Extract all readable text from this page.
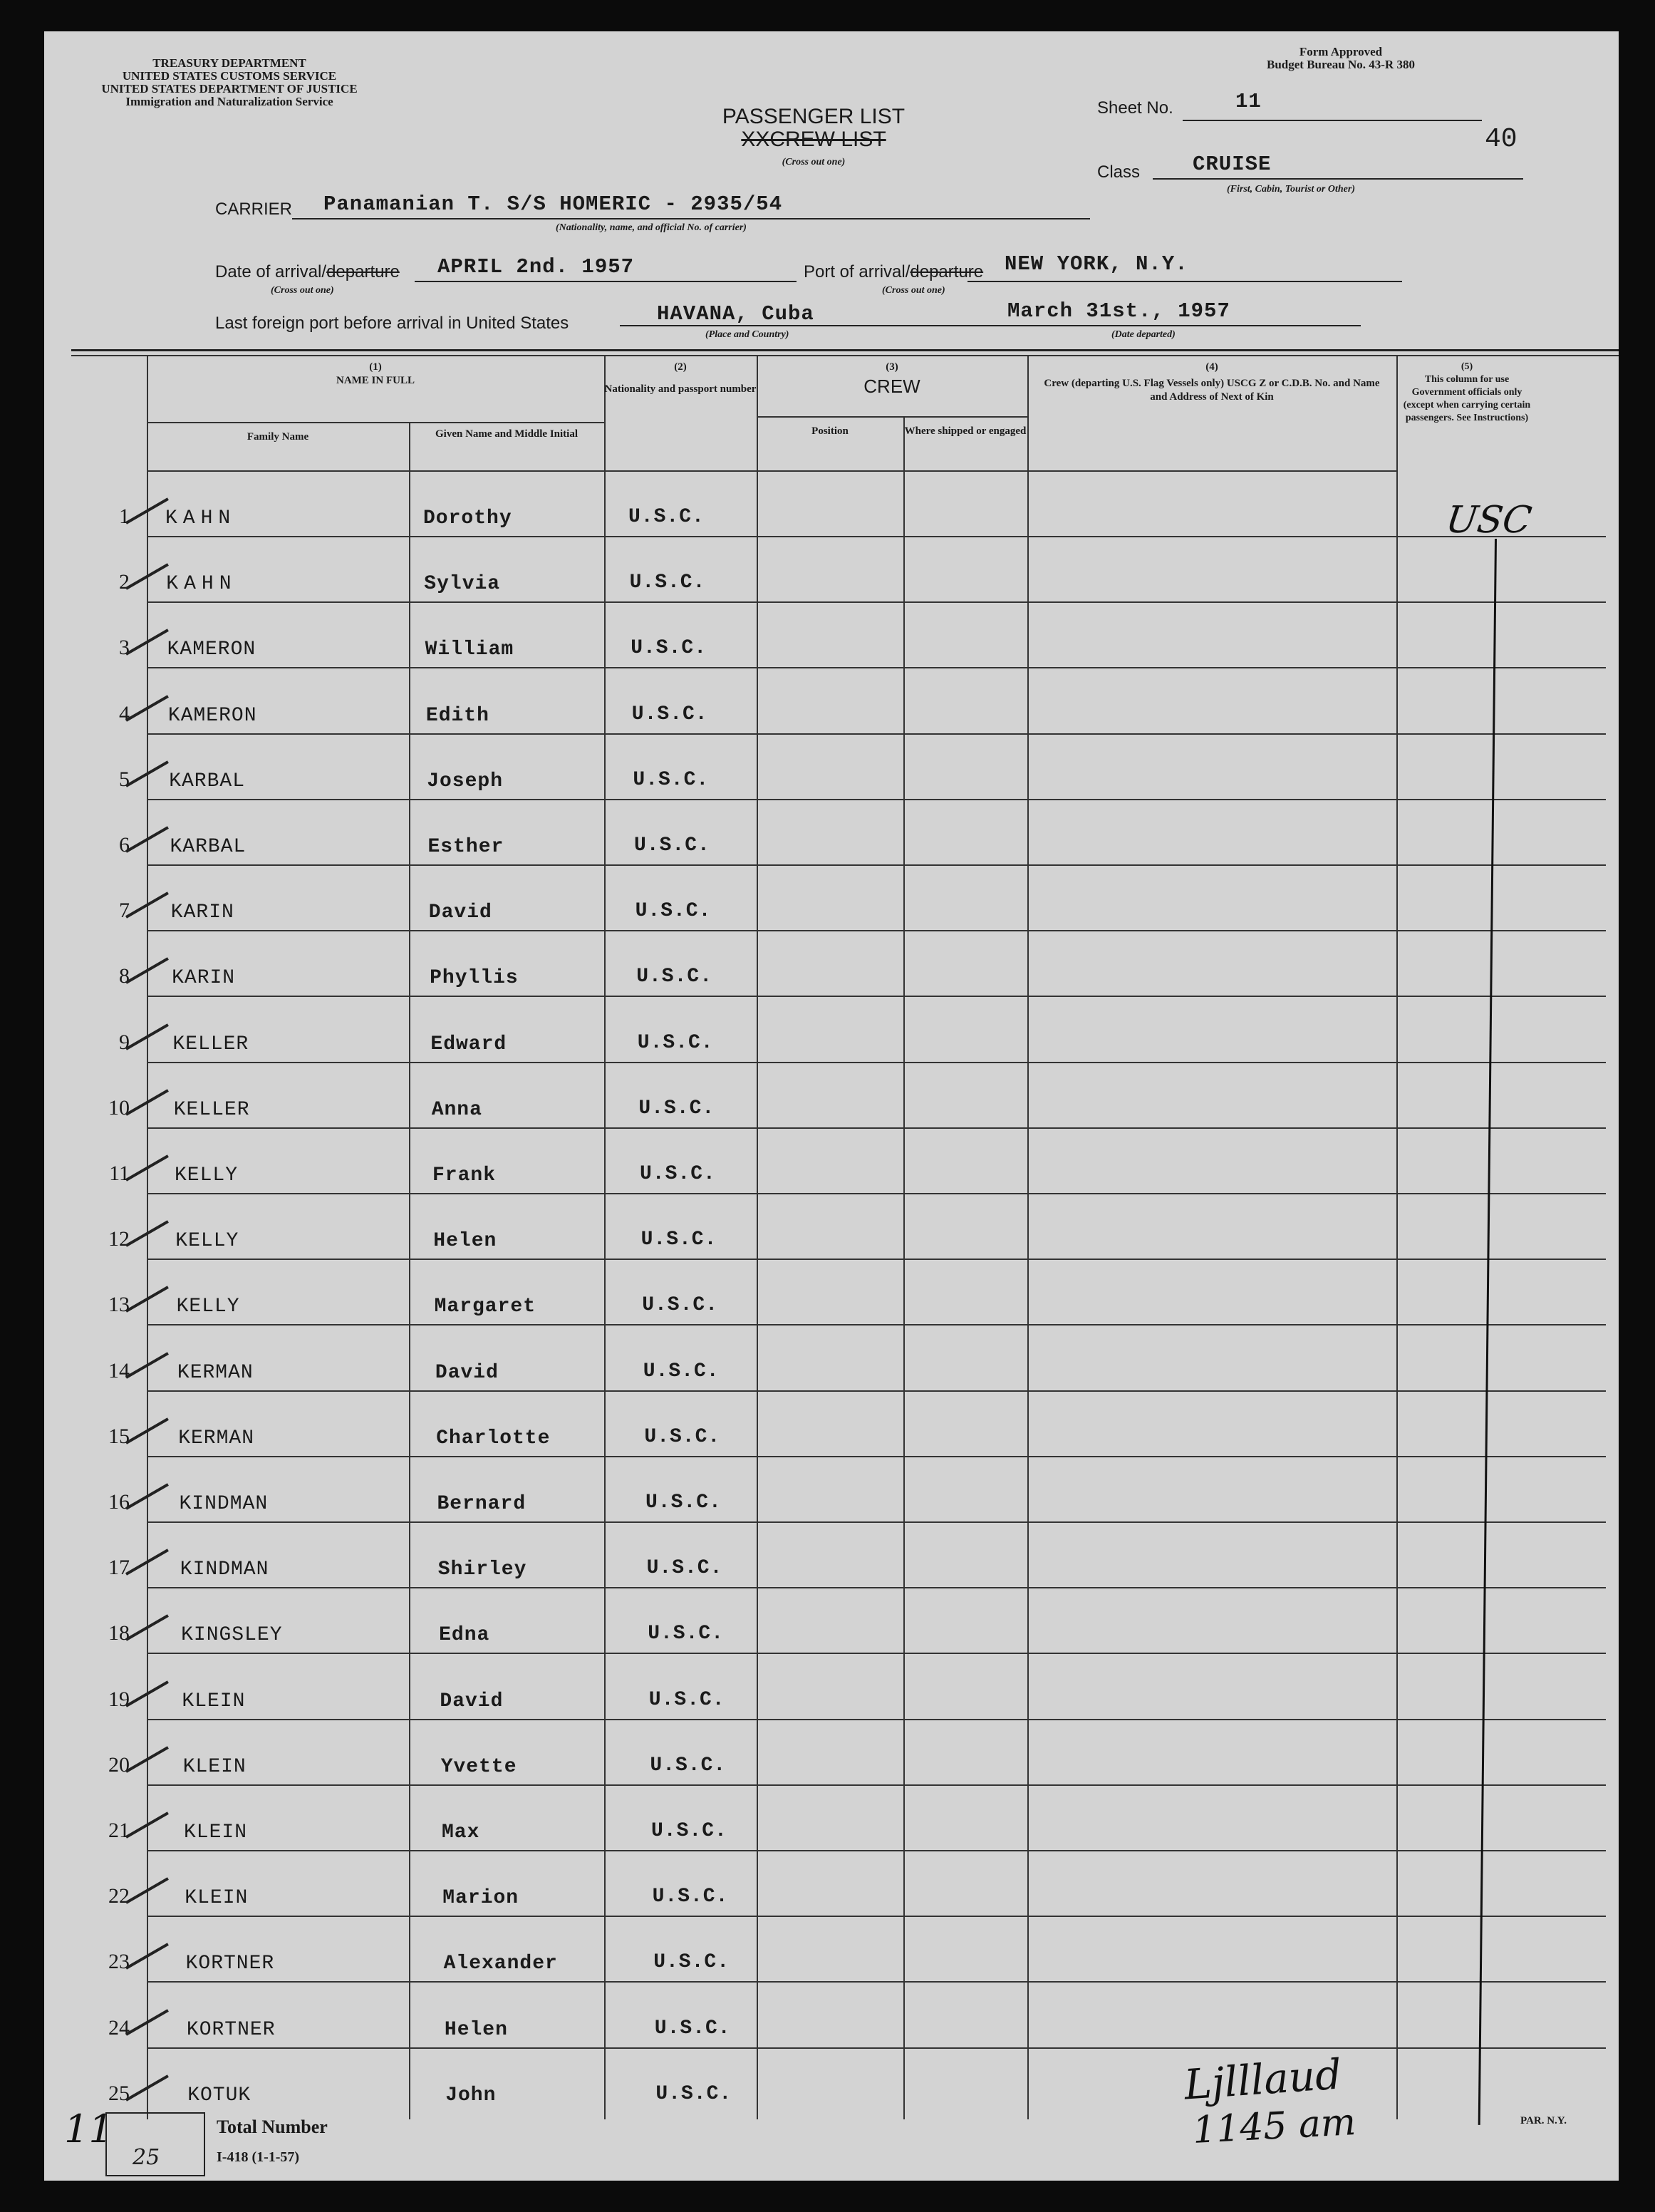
TREASURY DEPARTMENT
UNITED STATES CUSTOMS SERVICE
UNITED STATES DEPARTMENT OF JUSTICE
Immigration and Naturalization Service
Form Approved
Budget Bureau No. 43-R 380
PASSENGER LIST
XXCREW LIST
(Cross out one)
Sheet No.	11
40
Class	CRUISE
(First, Cabin, Tourist or Other)
CARRIER Panamanian T. S/S HOMERIC - 2935/54
(Nationality, name, and official No. of carrier)
Date of arrival/departure APRIL 2nd. 1957
(Cross out one)
Port of arrival/departure NEW YORK, N.Y.
(Cross out one)
Last foreign port before arrival in United States	HAVANA, Cuba
(Place and Country)
March 31st., 1957
(Date departed)
(1)
NAME IN FULL
Family Name	Given Name and Middle Initial
(2)
Nationality and passport number
(3)
CREW
Position	Where shipped or engaged
(4)
Crew (departing U.S. Flag Vessels only) USCG Z or C.D.B. No. and Name and Address of Next of Kin
(5)
This column for use Government officials only (except when carrying certain passengers. See Instructions)
1 KAHN	Dorothy	U.S.C.
2 KAHN	Sylvia	U.S.C.
3 KAMERON	William	U.S.C.
4 KAMERON	Edith	U.S.C.
5 KARBAL	Joseph	U.S.C.
6 KARBAL	Esther	U.S.C.
7 KARIN	David	U.S.C.
8 KARIN	Phyllis	U.S.C.
9 KELLER	Edward	U.S.C.
10 KELLER	Anna	U.S.C.
11 KELLY	Frank	U.S.C.
12 KELLY	Helen	U.S.C.
13 KELLY	Margaret	U.S.C.
14 KERMAN	David	U.S.C.
15 KERMAN	Charlotte	U.S.C.
16 KINDMAN	Bernard	U.S.C.
17	KINDMAN	Shirley	U.S.C.
18	KINGSLEY	Edna	U.S.C.
19	KLEIN	David	U.S.C.
20	KLEIN	Yvette	U.S.C.
21	KLEIN	Max	U.S.C.
22	KLEIN	Marion	U.S.C.
23	KORTNER	Alexander	U.S.C.
24	KORTNER	Helen	U.S.C.
25	KOTUK	John	U.S.C.
USC
Ljlllaud
1145 am
11
25
Total Number
I-418 (1-1-57)
PAR. N.Y.
